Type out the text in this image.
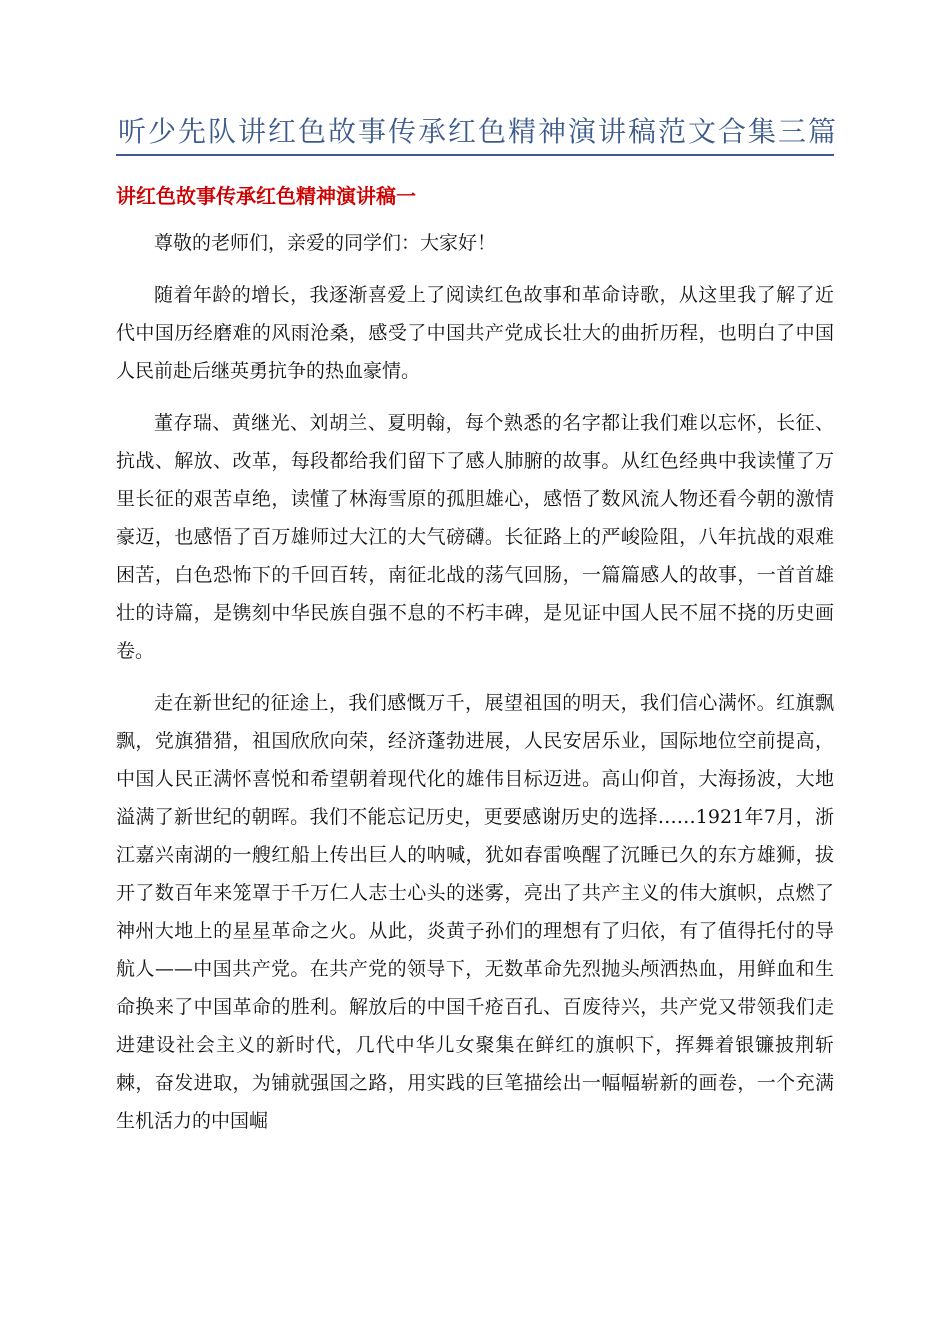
听少先队讲红色故事传承红色精神演讲稿范文合集三篇
讲红色故事传承红色精神演讲稿一

尊敬的老师们，亲爱的同学们：大家好！

随着年龄的增长，我逐渐喜爱上了阅读红色故事和革命诗歌，从这里我了解了近代中国历经磨难的风雨沧桑，感受了中国共产党成长壮大的曲折历程，也明白了中国人民前赴后继英勇抗争的热血豪情。

董存瑞、黄继光、刘胡兰、夏明翰，每个熟悉的名字都让我们难以忘怀，长征、抗战、解放、改革，每段都给我们留下了感人肺腑的故事。从红色经典中我读懂了万里长征的艰苦卓绝，读懂了林海雪原的孤胆雄心，感悟了数风流人物还看今朝的激情豪迈，也感悟了百万雄师过大江的大气磅礴。长征路上的严峻险阻，八年抗战的艰难困苦，白色恐怖下的千回百转，南征北战的荡气回肠，一篇篇感人的故事，一首首雄壮的诗篇，是镌刻中华民族自强不息的不朽丰碑，是见证中国人民不屈不挠的历史画卷。

走在新世纪的征途上，我们感慨万千，展望祖国的明天，我们信心满怀。红旗飘飘，党旗猎猎，祖国欣欣向荣，经济蓬勃进展，人民安居乐业，国际地位空前提高，中国人民正满怀喜悦和希望朝着现代化的雄伟目标迈进。高山仰首，大海扬波，大地溢满了新世纪的朝晖。我们不能忘记历史，更要感谢历史的选择……1921年7月，浙江嘉兴南湖的一艘红船上传出巨人的呐喊，犹如春雷唤醒了沉睡已久的东方雄狮，拔开了数百年来笼罩于千万仁人志士心头的迷雾，亮出了共产主义的伟大旗帜，点燃了神州大地上的星星革命之火。从此，炎黄子孙们的理想有了归依，有了值得托付的导航人——中国共产党。在共产党的领导下，无数革命先烈抛头颅洒热血，用鲜血和生命换来了中国革命的胜利。解放后的中国千疮百孔、百废待兴，共产党又带领我们走进建设社会主义的新时代，几代中华儿女聚集在鲜红的旗帜下，挥舞着银镰披荆斩棘，奋发进取，为铺就强国之路，用实践的巨笔描绘出一幅幅崭新的画卷，一个充满生机活力的中国崛
